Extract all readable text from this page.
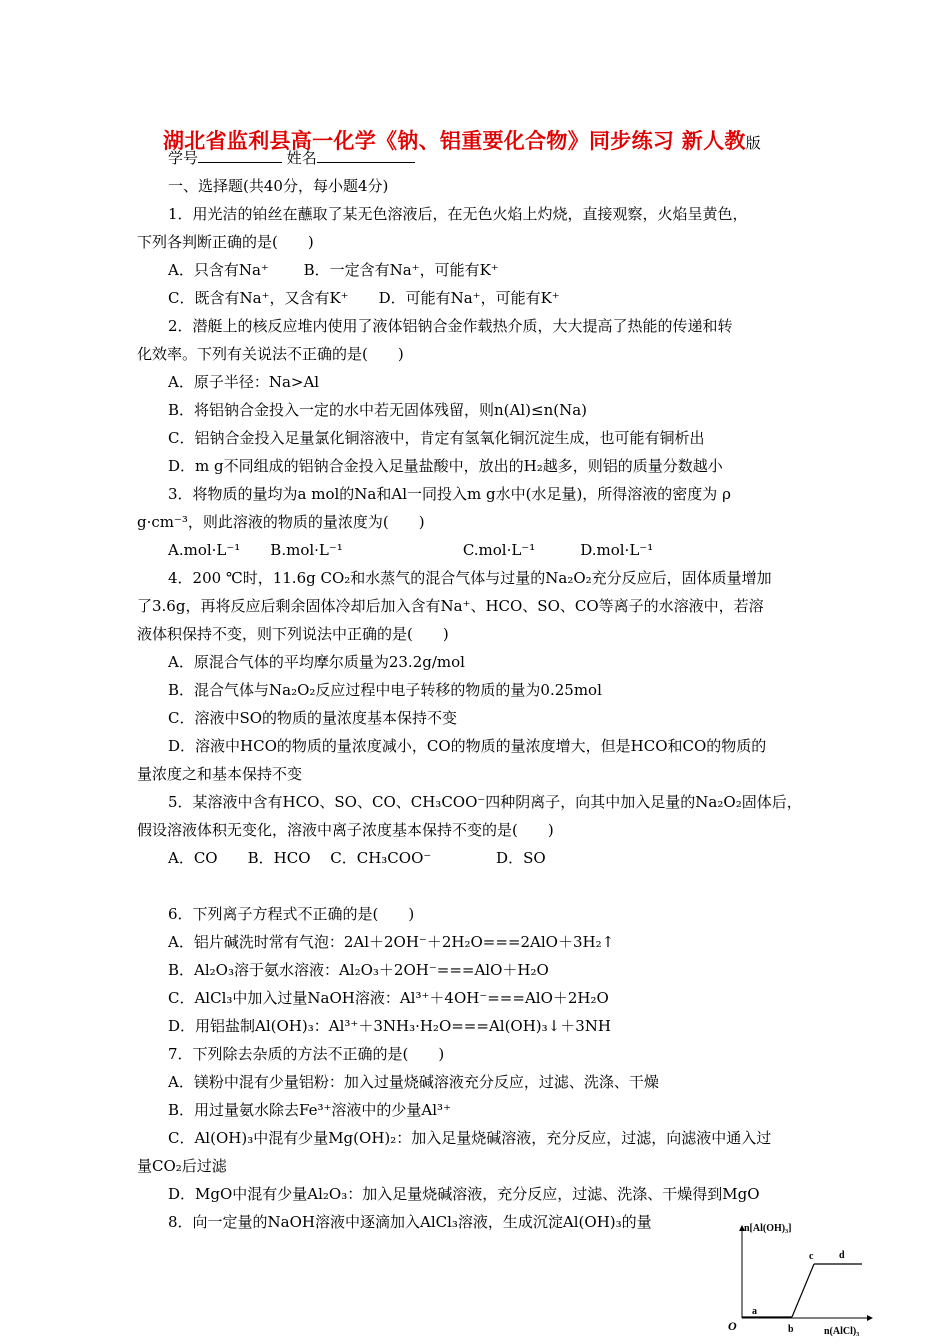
湖北省监利县高一化学《钠、铝重要化合物》同步练习 新人教版
学号	姓名
一、选择题(共40分，每小题4分)
1．用光洁的铂丝在蘸取了某无色溶液后，在无色火焰上灼烧，直接观察，火焰呈黄色，
下列各判断正确的是(　　)
A．只含有Na⁺　　 B．一定含有Na⁺，可能有K⁺
C．既含有Na⁺，又含有K⁺　　D．可能有Na⁺，可能有K⁺
2．潜艇上的核反应堆内使用了液体铝钠合金作载热介质，大大提高了热能的传递和转
化效率。下列有关说法不正确的是(　　)
A．原子半径：Na>Al
B．将铝钠合金投入一定的水中若无固体残留，则n(Al)≤n(Na)
C．铝钠合金投入足量氯化铜溶液中，肯定有氢氧化铜沉淀生成，也可能有铜析出
D．m g不同组成的铝钠合金投入足量盐酸中，放出的H₂越多，则铝的质量分数越小
3．将物质的量均为a mol的Na和Al一同投入m g水中(水足量)，所得溶液的密度为 ρ
g·cm⁻³，则此溶液的物质的量浓度为(　　)
A.mol·L⁻¹　　B.mol·L⁻¹　　　　　　　　C.mol·L⁻¹　　　D.mol·L⁻¹
4．200 ℃时，11.6g CO₂和水蒸气的混合气体与过量的Na₂O₂充分反应后，固体质量增加
了3.6g，再将反应后剩余固体冷却后加入含有Na⁺、HCO、SO、CO等离子的水溶液中，若溶
液体积保持不变，则下列说法中正确的是(　　)
A．原混合气体的平均摩尔质量为23.2g/mol
B．混合气体与Na₂O₂反应过程中电子转移的物质的量为0.25mol
C．溶液中SO的物质的量浓度基本保持不变
D．溶液中HCO的物质的量浓度减小，CO的物质的量浓度增大，但是HCO和CO的物质的
量浓度之和基本保持不变
5．某溶液中含有HCO、SO、CO、CH₃COO⁻四种阴离子，向其中加入足量的Na₂O₂固体后，
假设溶液体积无变化，溶液中离子浓度基本保持不变的是(　　)
A．CO　　B．HCO　 C．CH₃COO⁻　　　　 D．SO
6．下列离子方程式不正确的是(　　)
A．铝片碱洗时常有气泡：2Al＋2OH⁻＋2H₂O===2AlO＋3H₂↑
B．Al₂O₃溶于氨水溶液：Al₂O₃＋2OH⁻===AlO＋H₂O
C．AlCl₃中加入过量NaOH溶液：Al³⁺＋4OH⁻===AlO＋2H₂O
D．用铝盐制Al(OH)₃：Al³⁺＋3NH₃·H₂O===Al(OH)₃↓＋3NH
7．下列除去杂质的方法不正确的是(　　)
A．镁粉中混有少量铝粉：加入过量烧碱溶液充分反应，过滤、洗涤、干燥
B．用过量氨水除去Fe³⁺溶液中的少量Al³⁺
C．Al(OH)₃中混有少量Mg(OH)₂：加入足量烧碱溶液，充分反应，过滤，向滤液中通入过
量CO₂后过滤
D．MgO中混有少量Al₂O₃：加入足量烧碱溶液，充分反应，过滤、洗涤、干燥得到MgO
8．向一定量的NaOH溶液中逐滴加入AlCl₃溶液，生成沉淀Al(OH)₃的量	n[Al(OH)₃]
O	n(AlCl)₃
a
b
c	d
